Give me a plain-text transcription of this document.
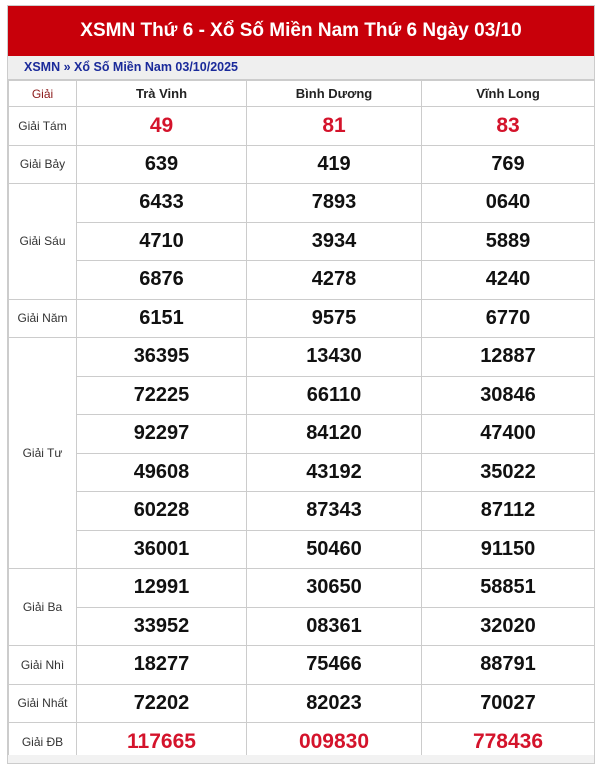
XSMN Thứ 6 - Xổ Số Miền Nam Thứ 6 Ngày 03/10
XSMN » Xổ Số Miền Nam 03/10/2025
Giải	Trà Vinh	Bình Dương	Vĩnh Long
Giải Tám	49	81	83
Giải Bảy	639	419	769
Giải Sáu	6433	7893	0640
	4710	3934	5889
	6876	4278	4240
Giải Năm	6151	9575	6770
Giải Tư	36395	13430	12887
	72225	66110	30846
	92297	84120	47400
	49608	43192	35022
	60228	87343	87112
	36001	50460	91150
Giải Ba	12991	30650	58851
	33952	08361	32020
Giải Nhì	18277	75466	88791
Giải Nhất	72202	82023	70027
Giải ĐB	117665	009830	778436
